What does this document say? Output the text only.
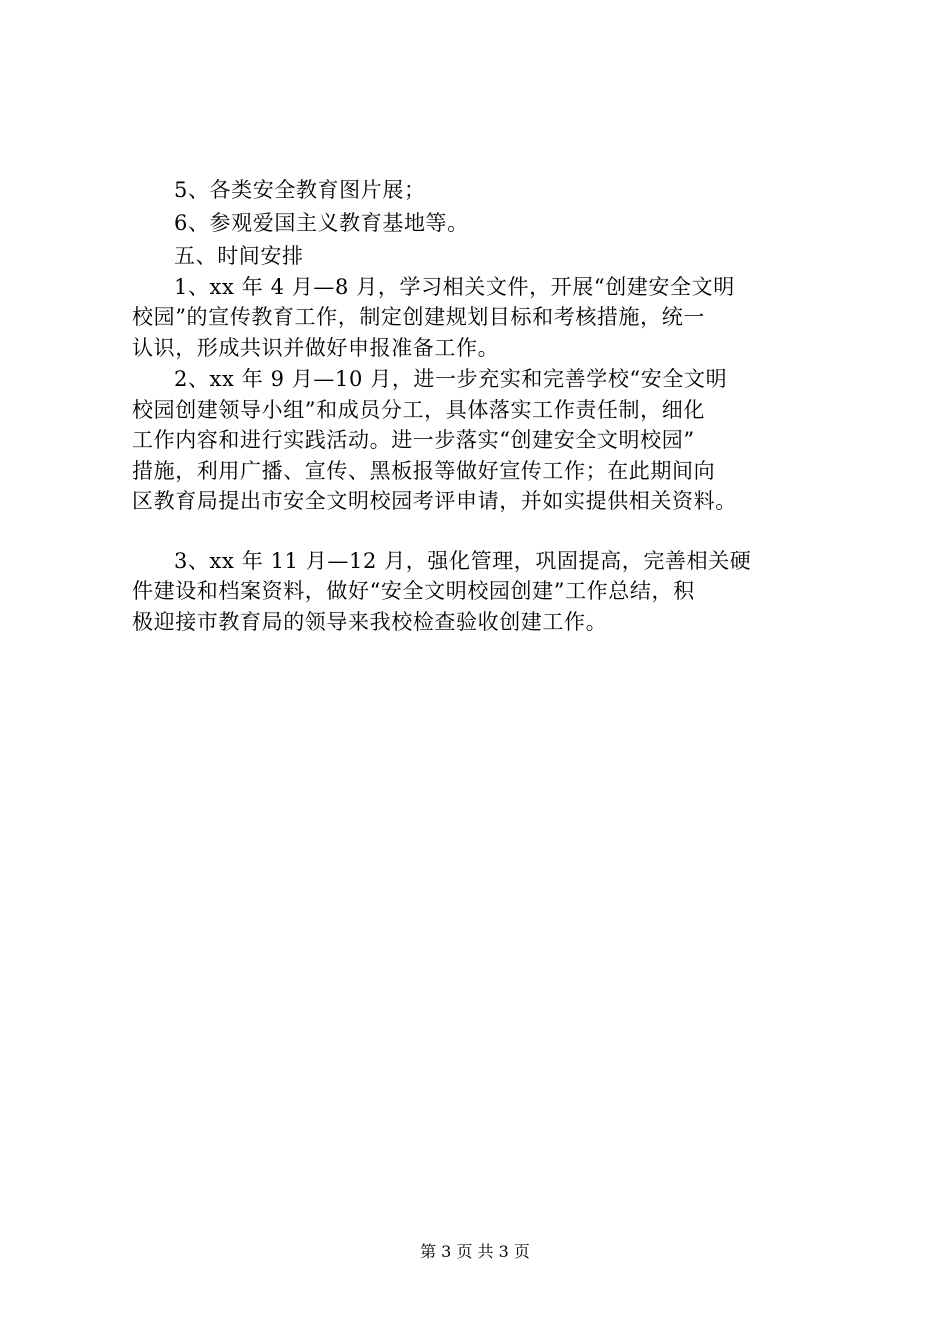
5、各类安全教育图片展；
6、参观爱国主义教育基地等。
五、时间安排
1、xx 年 4 月—8 月，学习相关文件，开展“创建安全文明
校园”的宣传教育工作，制定创建规划目标和考核措施，统一
认识，形成共识并做好申报准备工作。
2、xx 年 9 月—10 月，进一步充实和完善学校“安全文明
校园创建领导小组”和成员分工，具体落实工作责任制，细化
工作内容和进行实践活动。进一步落实“创建安全文明校园”
措施，利用广播、宣传、黑板报等做好宣传工作；在此期间向
区教育局提出市安全文明校园考评申请，并如实提供相关资料。
3、xx 年 11 月—12 月，强化管理，巩固提高，完善相关硬
件建设和档案资料，做好“安全文明校园创建”工作总结，积
极迎接市教育局的领导来我校检查验收创建工作。
第 3 页 共 3 页
